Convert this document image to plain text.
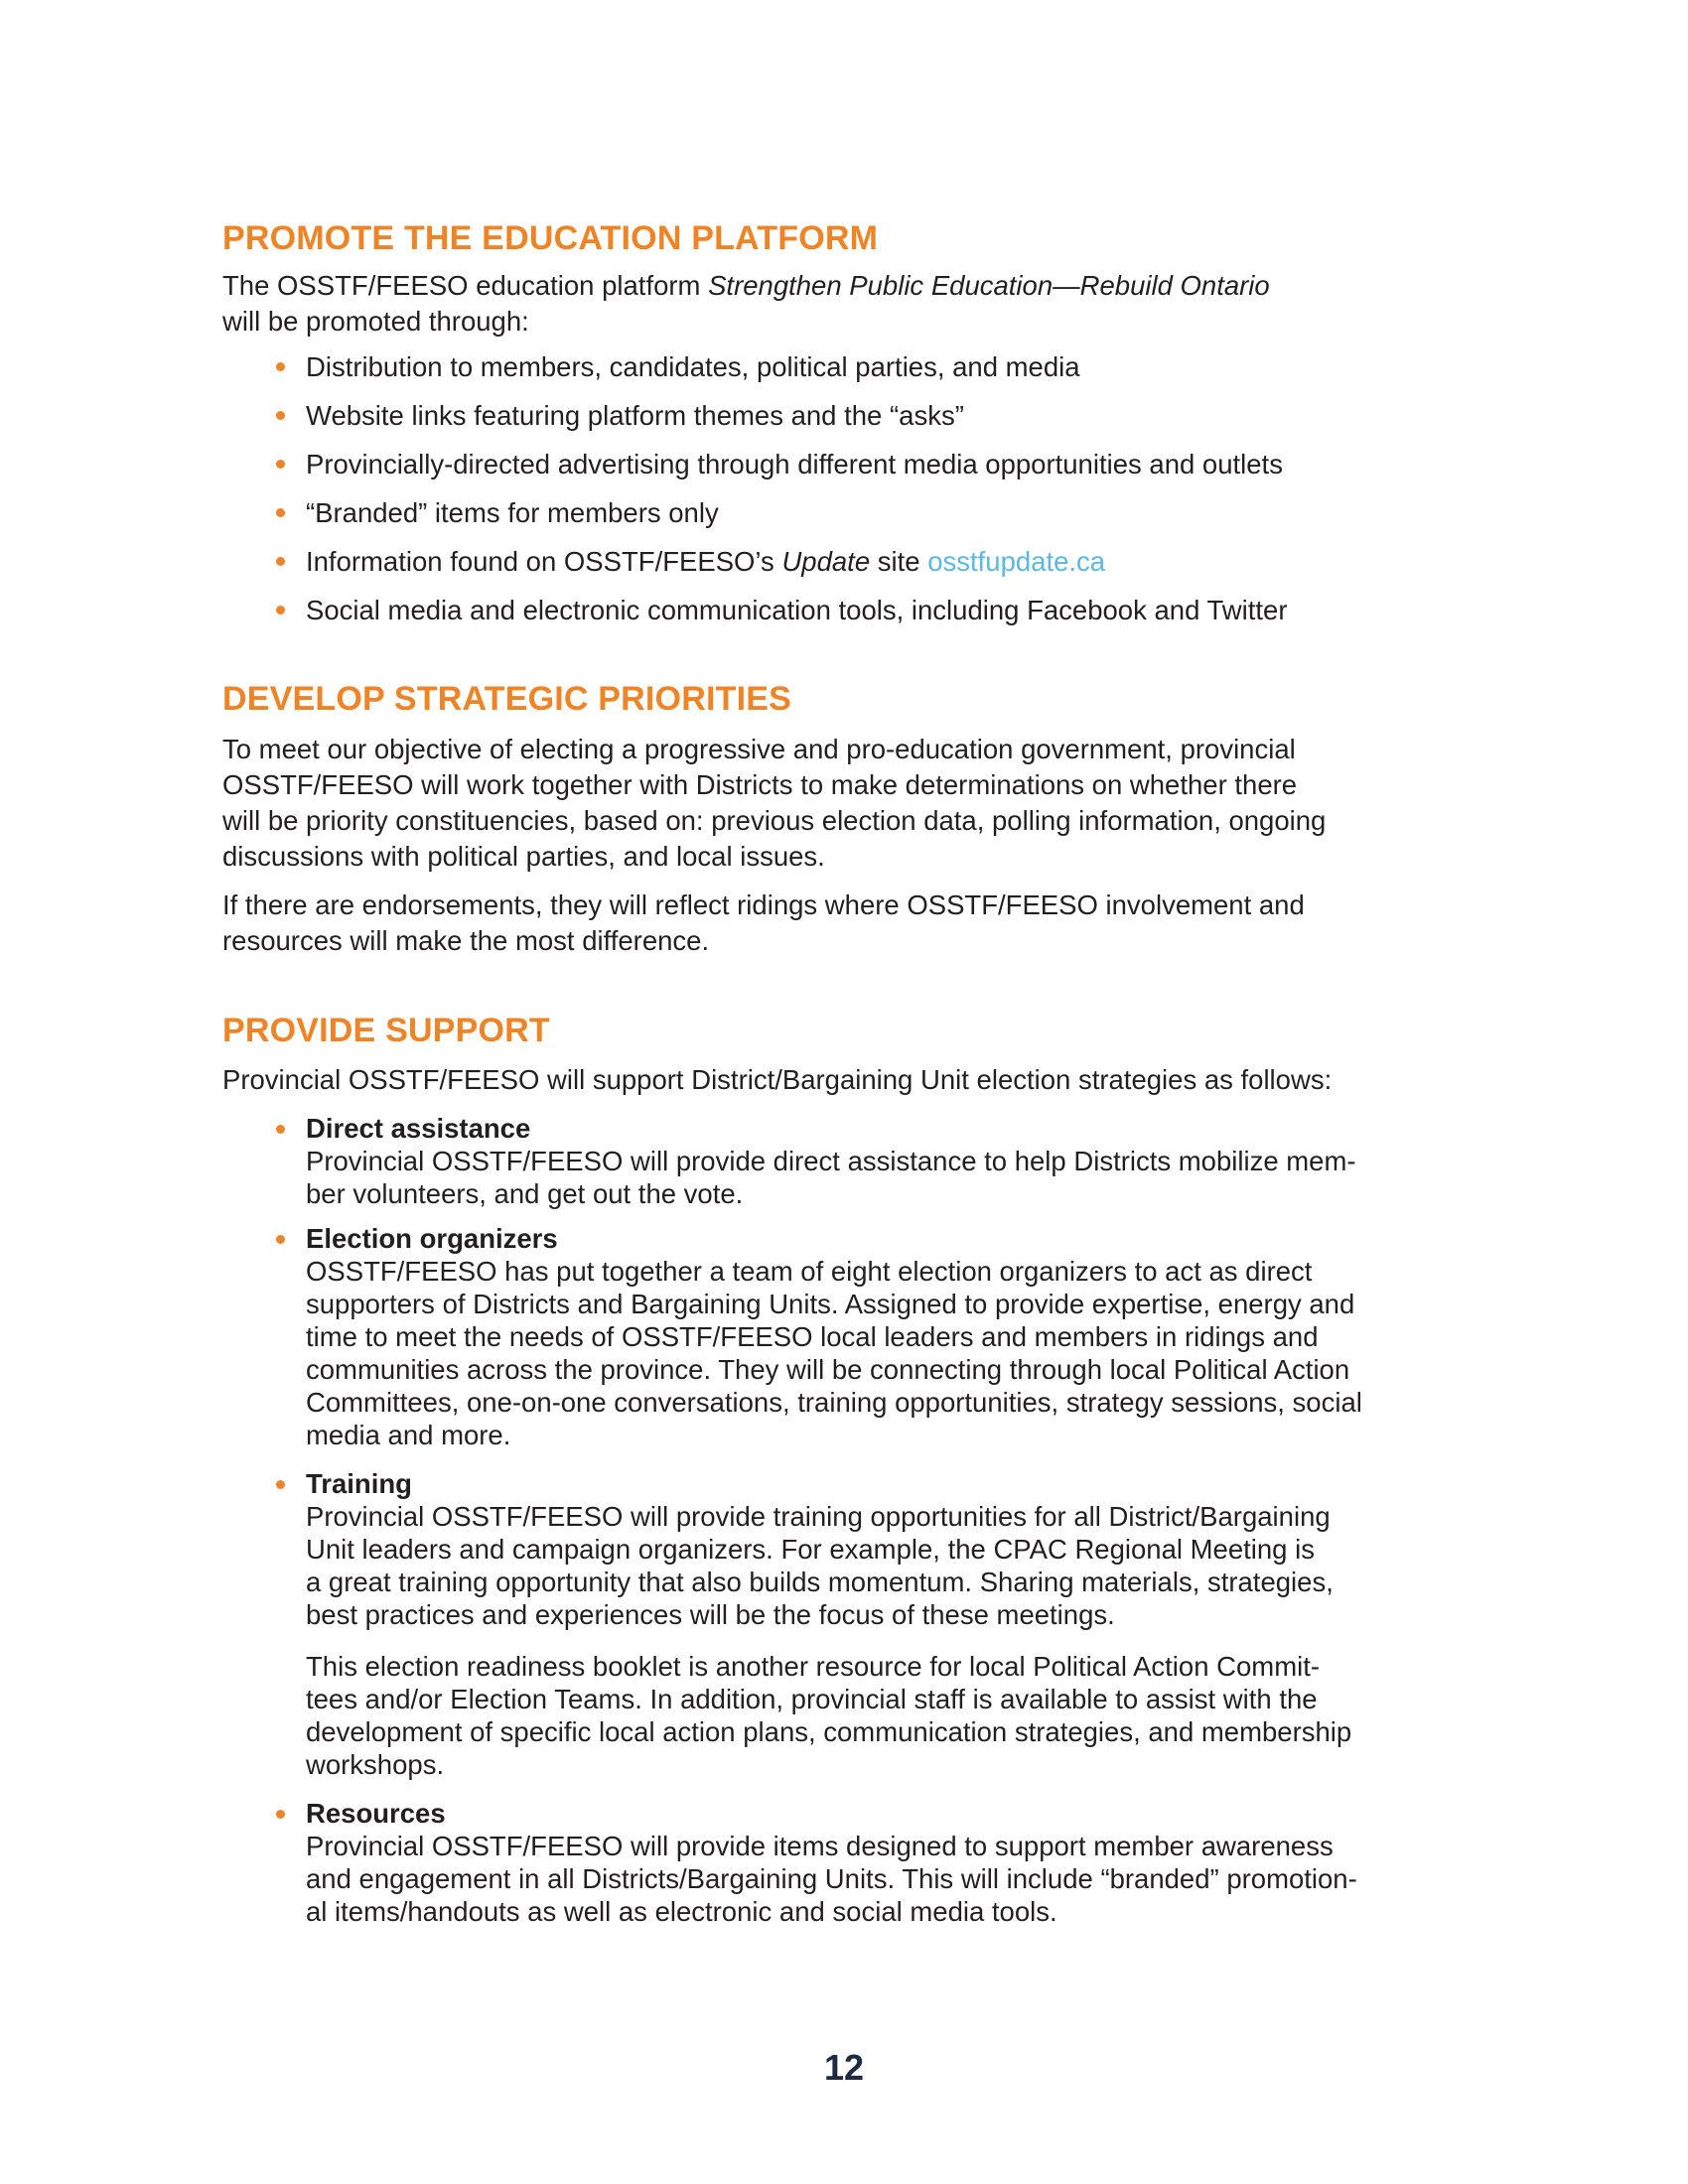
PROMOTE THE EDUCATION PLATFORM
The OSSTF/FEESO education platform Strengthen Public Education—Rebuild Ontario
will be promoted through:
Distribution to members, candidates, political parties, and media
Website links featuring platform themes and the “asks”
Provincially-directed advertising through different media opportunities and outlets
“Branded” items for members only
Information found on OSSTF/FEESO’s Update site osstfupdate.ca
Social media and electronic communication tools, including Facebook and Twitter
DEVELOP STRATEGIC PRIORITIES
To meet our objective of electing a progressive and pro-education government, provincial
OSSTF/FEESO will work together with Districts to make determinations on whether there
will be priority constituencies, based on: previous election data, polling information, ongoing
discussions with political parties, and local issues.
If there are endorsements, they will reflect ridings where OSSTF/FEESO involvement and
resources will make the most difference.
PROVIDE SUPPORT
Provincial OSSTF/FEESO will support District/Bargaining Unit election strategies as follows:
Direct assistance
Provincial OSSTF/FEESO will provide direct assistance to help Districts mobilize mem-
ber volunteers, and get out the vote.
Election organizers
OSSTF/FEESO has put together a team of eight election organizers to act as direct
supporters of Districts and Bargaining Units. Assigned to provide expertise, energy and
time to meet the needs of OSSTF/FEESO local leaders and members in ridings and
communities across the province. They will be connecting through local Political Action
Committees, one-on-one conversations, training opportunities, strategy sessions, social
media and more.
Training
Provincial OSSTF/FEESO will provide training opportunities for all District/Bargaining
Unit leaders and campaign organizers. For example, the CPAC Regional Meeting is
a great training opportunity that also builds momentum. Sharing materials, strategies,
best practices and experiences will be the focus of these meetings.
This election readiness booklet is another resource for local Political Action Commit-
tees and/or Election Teams. In addition, provincial staff is available to assist with the
development of specific local action plans, communication strategies, and membership
workshops.
Resources
Provincial OSSTF/FEESO will provide items designed to support member awareness
and engagement in all Districts/Bargaining Units. This will include “branded” promotion-
al items/handouts as well as electronic and social media tools.
12
